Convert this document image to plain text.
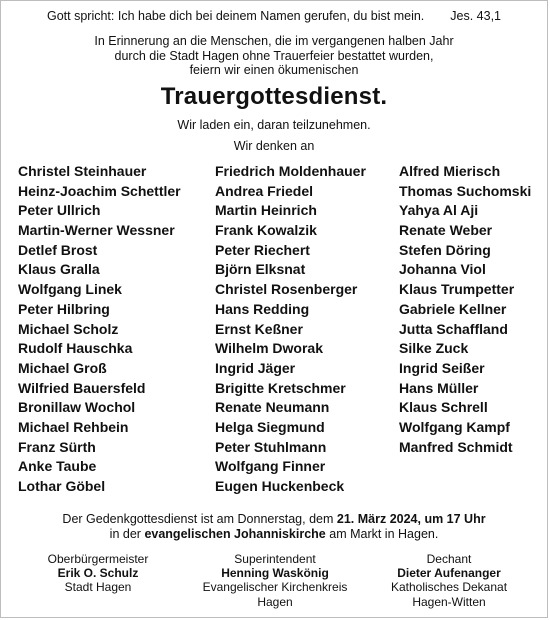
Gott spricht: Ich habe dich bei deinem Namen gerufen, du bist mein. Jes. 43,1
In Erinnerung an die Menschen, die im vergangenen halben Jahr
durch die Stadt Hagen ohne Trauerfeier bestattet wurden,
feiern wir einen ökumenischen
Trauergottesdienst.
Wir laden ein, daran teilzunehmen.
Wir denken an
Christel Steinhauer
Heinz-Joachim Schettler
Peter Ullrich
Martin-Werner Wessner
Detlef Brost
Klaus Gralla
Wolfgang Linek
Peter Hilbring
Michael Scholz
Rudolf Hauschka
Michael Groß
Wilfried Bauersfeld
Bronillaw Wochol
Michael Rehbein
Franz Sürth
Anke Taube
Lothar Göbel
Friedrich Moldenhauer
Andrea Friedel
Martin Heinrich
Frank Kowalzik
Peter Riechert
Björn Elksnat
Christel Rosenberger
Hans Redding
Ernst Keßner
Wilhelm Dworak
Ingrid Jäger
Brigitte Kretschmer
Renate Neumann
Helga Siegmund
Peter Stuhlmann
Wolfgang Finner
Eugen Huckenbeck
Alfred Mierisch
Thomas Suchomski
Yahya Al Aji
Renate Weber
Stefen Döring
Johanna Viol
Klaus Trumpetter
Gabriele Kellner
Jutta Schaffland
Silke Zuck
Ingrid Seißer
Hans Müller
Klaus Schrell
Wolfgang Kampf
Manfred Schmidt
Der Gedenkgottesdienst ist am Donnerstag, dem 21. März 2024, um 17 Uhr
in der evangelischen Johanniskirche am Markt in Hagen.
Oberbürgermeister
Erik O. Schulz
Stadt Hagen
Superintendent
Henning Waskönig
Evangelischer Kirchenkreis
Hagen
Dechant
Dieter Aufenanger
Katholisches Dekanat
Hagen-Witten
